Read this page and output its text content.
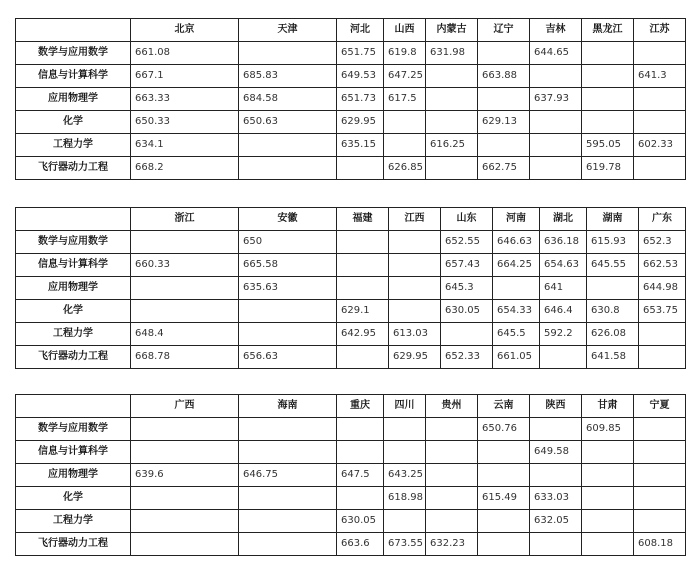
	北京	天津	河北	山西	内蒙古	辽宁	吉林	黑龙江	江苏
数学与应用数学	661.08		651.75	619.8	631.98		644.65		
信息与计算科学	667.1	685.83	649.53	647.25		663.88			641.3
应用物理学	663.33	684.58	651.73	617.5			637.93		
化学	650.33	650.63	629.95			629.13			
工程力学	634.1		635.15		616.25			595.05	602.33
飞行器动力工程	668.2			626.85		662.75		619.78	
	浙江	安徽	福建	江西	山东	河南	湖北	湖南	广东
数学与应用数学		650			652.55	646.63	636.18	615.93	652.3
信息与计算科学	660.33	665.58			657.43	664.25	654.63	645.55	662.53
应用物理学		635.63			645.3		641		644.98
化学			629.1		630.05	654.33	646.4	630.8	653.75
工程力学	648.4		642.95	613.03		645.5	592.2	626.08	
飞行器动力工程	668.78	656.63		629.95	652.33	661.05		641.58	
	广西	海南	重庆	四川	贵州	云南	陕西	甘肃	宁夏
数学与应用数学						650.76		609.85	
信息与计算科学							649.58		
应用物理学	639.6	646.75	647.5	643.25					
化学				618.98		615.49	633.03		
工程力学			630.05				632.05		
飞行器动力工程			663.6	673.55	632.23				608.18
